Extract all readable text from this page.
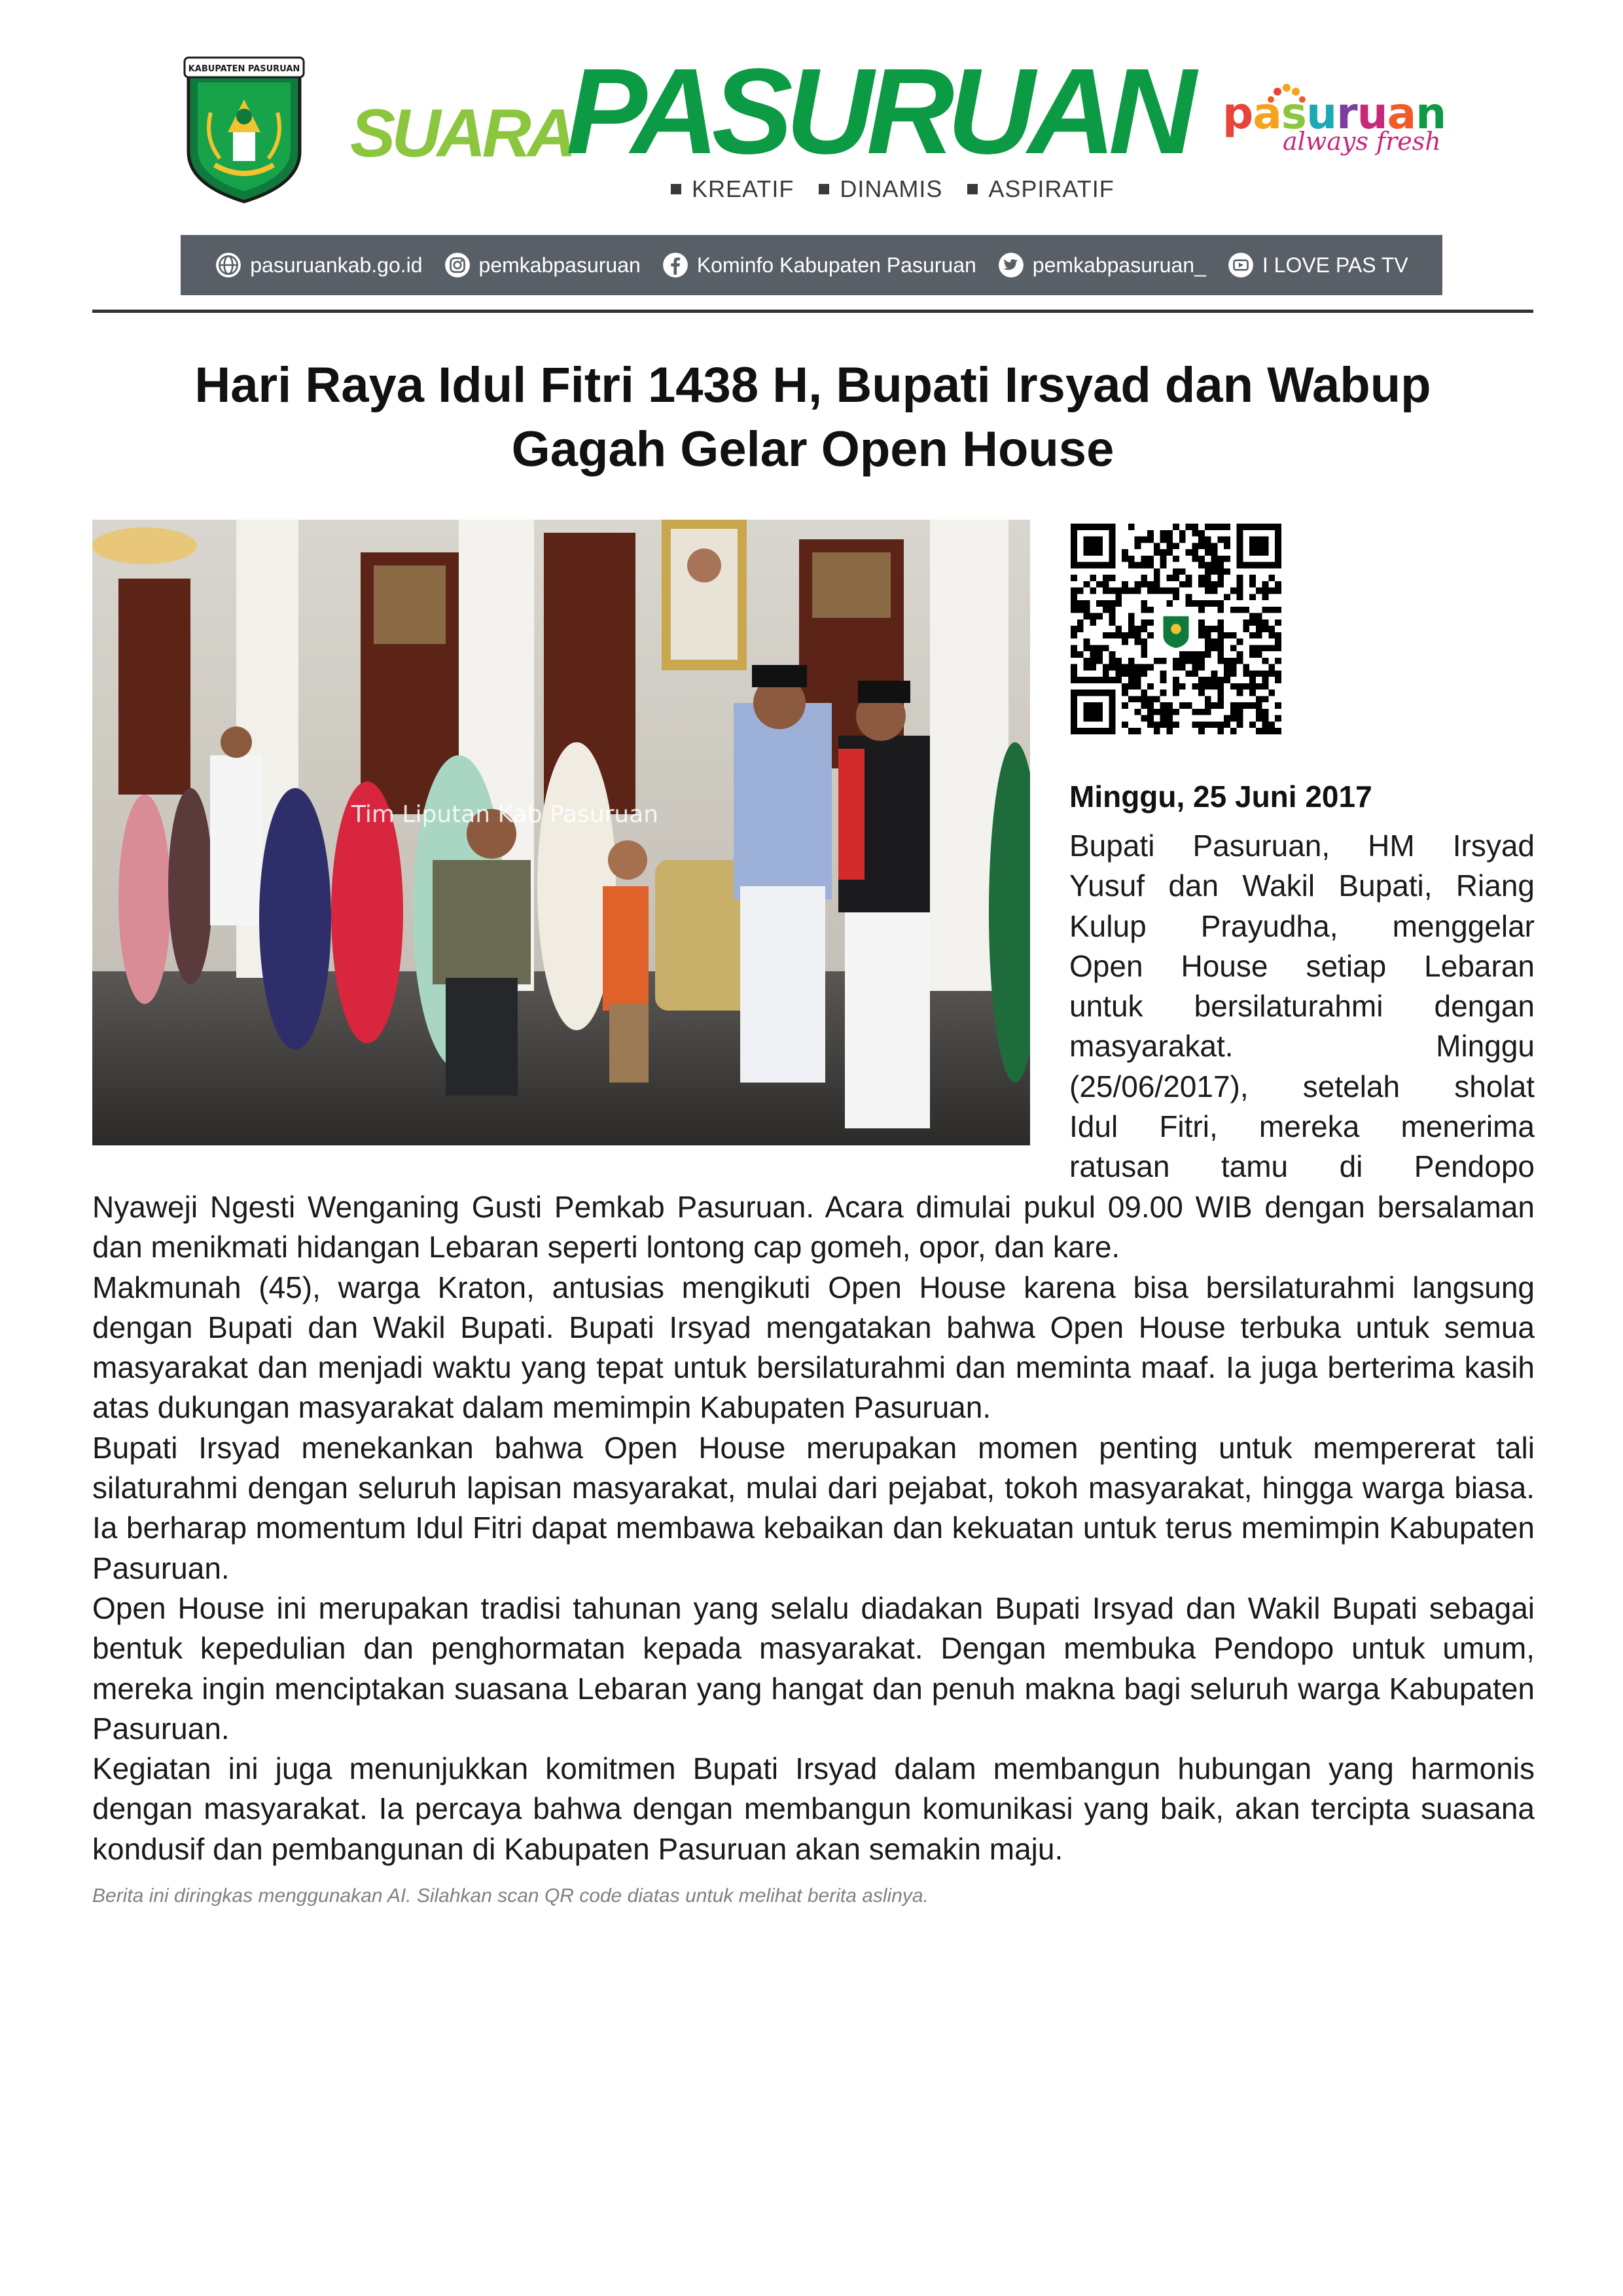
KABUPATEN PASURUAN
SUARA
PASURUAN
KREATIF DINAMIS ASPIRATIF
pasuruan
always fresh
pasuruankab.go.id	pemkabpasuruan	Kominfo Kabupaten Pasuruan	pemkabpasuruan_	I LOVE PAS TV
Hari Raya Idul Fitri 1438 H, Bupati Irsyad dan Wabup
Gagah Gelar Open House
Tim Liputan Kab Pasuruan
Minggu, 25 Juni 2017

Bupati Pasuruan, HM Irsyad

Yusuf dan Wakil Bupati, Riang

Kulup Prayudha, menggelar

Open House setiap Lebaran

untuk bersilaturahmi dengan

masyarakat. Minggu

(25/06/2017), setelah sholat

Idul Fitri, mereka menerima

ratusan tamu di Pendopo

Nyaweji Ngesti Wenganing Gusti Pemkab Pasuruan. Acara dimulai pukul 09.00 WIB dengan bersalaman dan menikmati hidangan Lebaran seperti lontong cap gomeh, opor, dan kare.

Makmunah (45), warga Kraton, antusias mengikuti Open House karena bisa bersilaturahmi langsung dengan Bupati dan Wakil Bupati. Bupati Irsyad mengatakan bahwa Open House terbuka untuk semua masyarakat dan menjadi waktu yang tepat untuk bersilaturahmi dan meminta maaf. Ia juga berterima kasih atas dukungan masyarakat dalam memimpin Kabupaten Pasuruan.

Bupati Irsyad menekankan bahwa Open House merupakan momen penting untuk mempererat tali silaturahmi dengan seluruh lapisan masyarakat, mulai dari pejabat, tokoh masyarakat, hingga warga biasa. Ia berharap momentum Idul Fitri dapat membawa kebaikan dan kekuatan untuk terus memimpin Kabupaten Pasuruan.

Open House ini merupakan tradisi tahunan yang selalu diadakan Bupati Irsyad dan Wakil Bupati sebagai bentuk kepedulian dan penghormatan kepada masyarakat. Dengan membuka Pendopo untuk umum, mereka ingin menciptakan suasana Lebaran yang hangat dan penuh makna bagi seluruh warga Kabupaten Pasuruan.

Kegiatan ini juga menunjukkan komitmen Bupati Irsyad dalam membangun hubungan yang harmonis dengan masyarakat. Ia percaya bahwa dengan membangun komunikasi yang baik, akan tercipta suasana kondusif dan pembangunan di Kabupaten Pasuruan akan semakin maju.

Berita ini diringkas menggunakan AI. Silahkan scan QR code diatas untuk melihat berita aslinya.
